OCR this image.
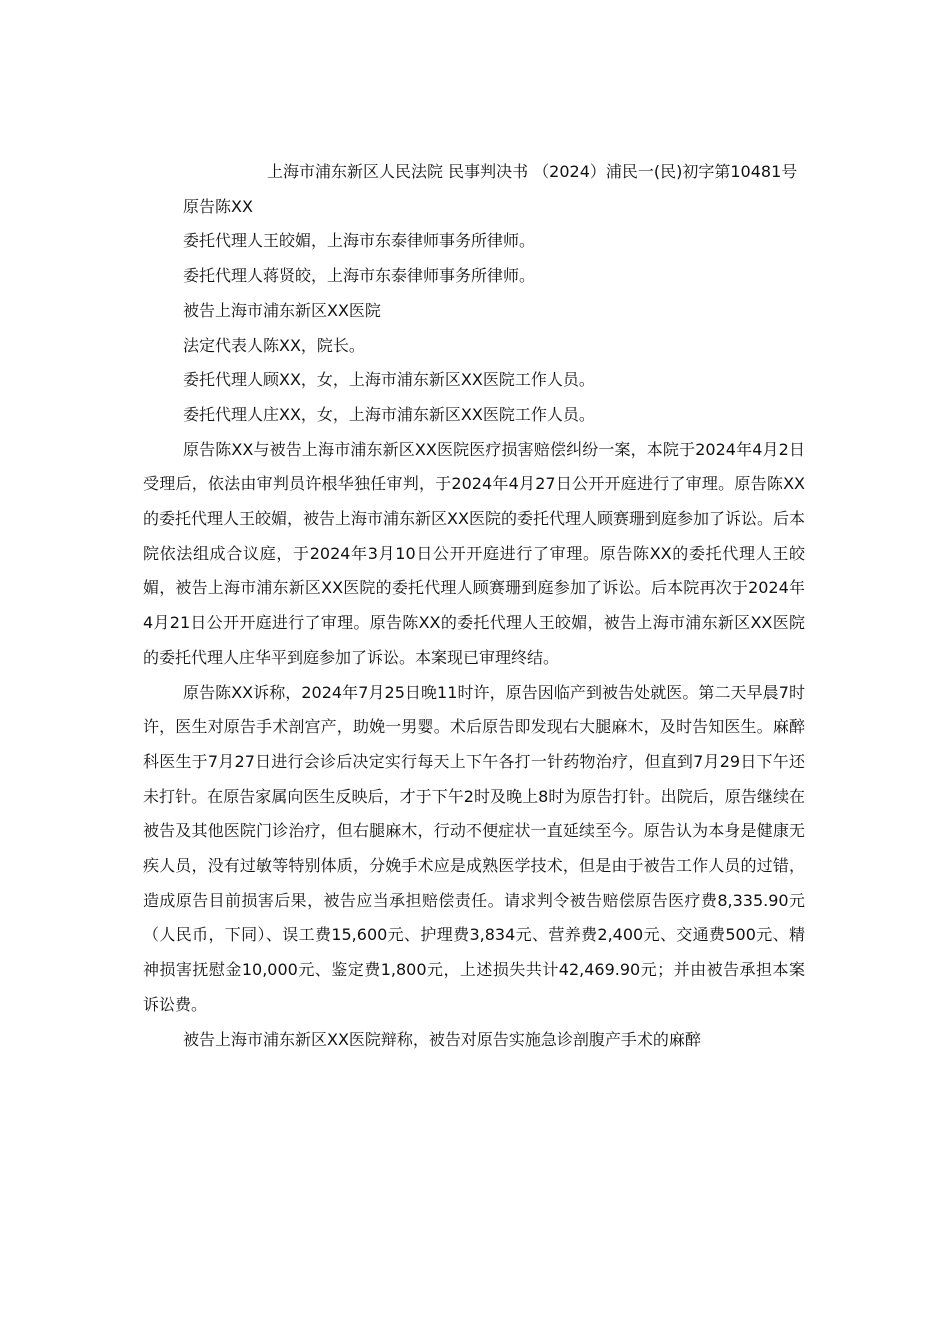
上海市浦东新区人民法院 民事判决书 （2024）浦民一(民)初字第10481号

原告陈XX

委托代理人王皎媚，上海市东泰律师事务所律师。

委托代理人蒋贤皎，上海市东泰律师事务所律师。

被告上海市浦东新区XX医院

法定代表人陈XX，院长。

委托代理人顾XX，女，上海市浦东新区XX医院工作人员。

委托代理人庄XX，女，上海市浦东新区XX医院工作人员。

原告陈XX与被告上海市浦东新区XX医院医疗损害赔偿纠纷一案，本院于2024年4月2日受理后，依法由审判员许根华独任审判，于2024年4月27日公开开庭进行了审理。原告陈XX的委托代理人王皎媚，被告上海市浦东新区XX医院的委托代理人顾赛珊到庭参加了诉讼。后本院依法组成合议庭，于2024年3月10日公开开庭进行了审理。原告陈XX的委托代理人王皎媚，被告上海市浦东新区XX医院的委托代理人顾赛珊到庭参加了诉讼。后本院再次于2024年4月21日公开开庭进行了审理。原告陈XX的委托代理人王皎媚，被告上海市浦东新区XX医院的委托代理人庄华平到庭参加了诉讼。本案现已审理终结。

原告陈XX诉称，2024年7月25日晚11时许，原告因临产到被告处就医。第二天早晨7时许，医生对原告手术剖宫产，助娩一男婴。术后原告即发现右大腿麻木，及时告知医生。麻醉科医生于7月27日进行会诊后决定实行每天上下午各打一针药物治疗，但直到7月29日下午还未打针。在原告家属向医生反映后，才于下午2时及晚上8时为原告打针。出院后，原告继续在被告及其他医院门诊治疗，但右腿麻木，行动不便症状一直延续至今。原告认为本身是健康无疾人员，没有过敏等特别体质，分娩手术应是成熟医学技术，但是由于被告工作人员的过错，造成原告目前损害后果，被告应当承担赔偿责任。请求判令被告赔偿原告医疗费8,335.90元（人民币，下同）、误工费15,600元、护理费3,834元、营养费2,400元、交通费500元、精神损害抚慰金10,000元、鉴定费1,800元，上述损失共计42,469.90元；并由被告承担本案诉讼费。

被告上海市浦东新区XX医院辩称，被告对原告实施急诊剖腹产手术的麻醉
